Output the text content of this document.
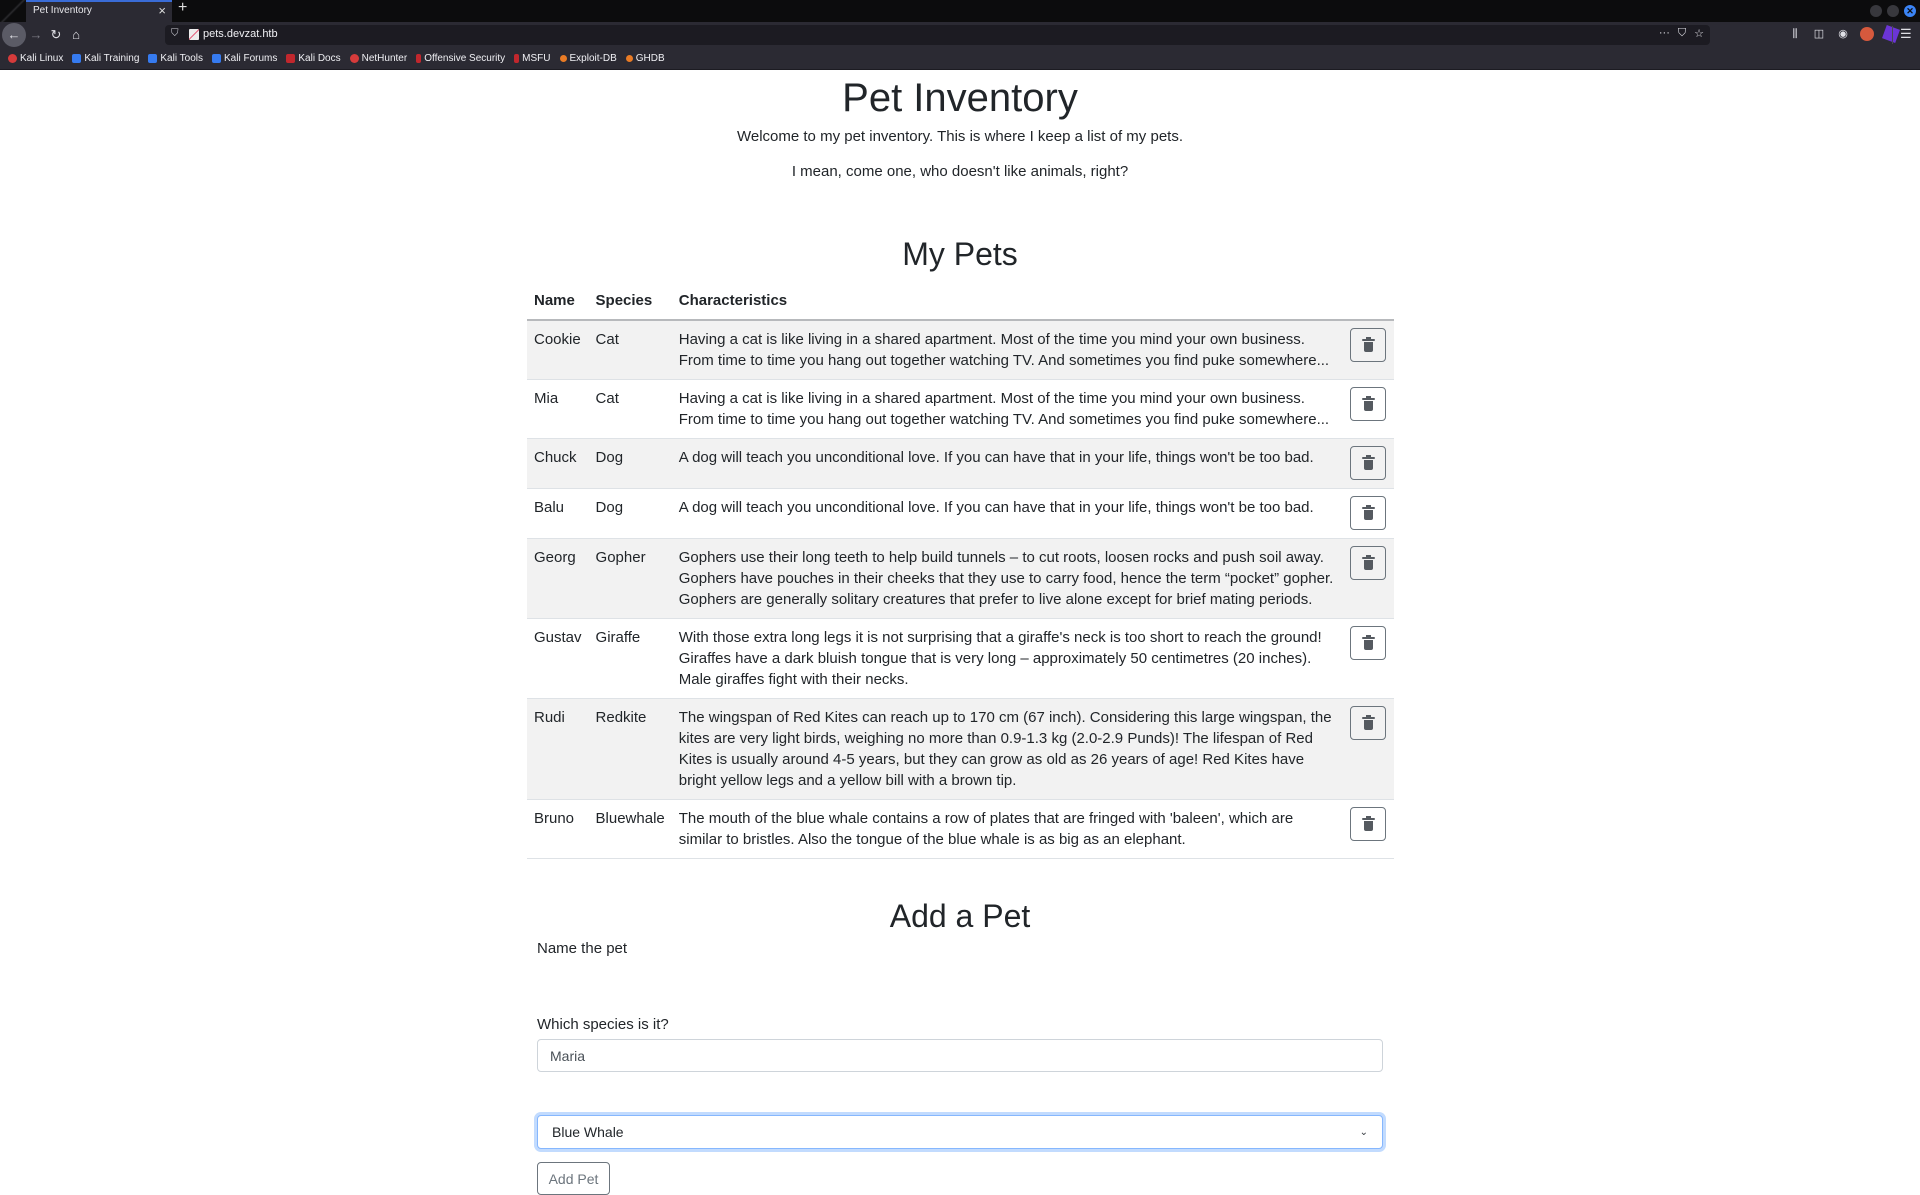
Pet Inventory	× +	✕
← → ↻ ⌂	⛉ pets.devzat.htb	··· ⛉ ☆	⫼	◫ ◉	☰
Kali Linux Kali Training Kali Tools Kali Forums Kali Docs NetHunter Offensive Security MSFU Exploit-DB GHDB
Pet Inventory

Welcome to my pet inventory. This is where I keep a list of my pets.

I mean, come one, who doesn't like animals, right?

My Pets
Name	Species	Characteristics	
Cookie	Cat	Having a cat is like living in a shared apartment. Most of the time you mind your own business. From time to time you hang out together watching TV. And sometimes you find puke somewhere...	

Mia	Cat	Having a cat is like living in a shared apartment. Most of the time you mind your own business. From time to time you hang out together watching TV. And sometimes you find puke somewhere...	

Chuck	Dog	A dog will teach you unconditional love. If you can have that in your life, things won't be too bad.	

Balu	Dog	A dog will teach you unconditional love. If you can have that in your life, things won't be too bad.	

Georg	Gopher	Gophers use their long teeth to help build tunnels – to cut roots, loosen rocks and push soil away. Gophers have pouches in their cheeks that they use to carry food, hence the term “pocket” gopher. Gophers are generally solitary creatures that prefer to live alone except for brief mating periods.	

Gustav	Giraffe	With those extra long legs it is not surprising that a giraffe's neck is too short to reach the ground! Giraffes have a dark bluish tongue that is very long – approximately 50 centimetres (20 inches). Male giraffes fight with their necks.	

Rudi	Redkite	The wingspan of Red Kites can reach up to 170 cm (67 inch). Considering this large wingspan, the kites are very light birds, weighing no more than 0.9-1.3 kg (2.0-2.9 Punds)! The lifespan of Red Kites is usually around 4-5 years, but they can grow as old as 26 years of age! Red Kites have bright yellow legs and a yellow bill with a brown tip.	

Bruno	Bluewhale	The mouth of the blue whale contains a row of plates that are fringed with 'baleen', which are similar to bristles. Also the tongue of the blue whale is as big as an elephant.	
Add a Pet
Name the pet
Maria
Which species is it?
Blue Whale	⌄
Add Pet
